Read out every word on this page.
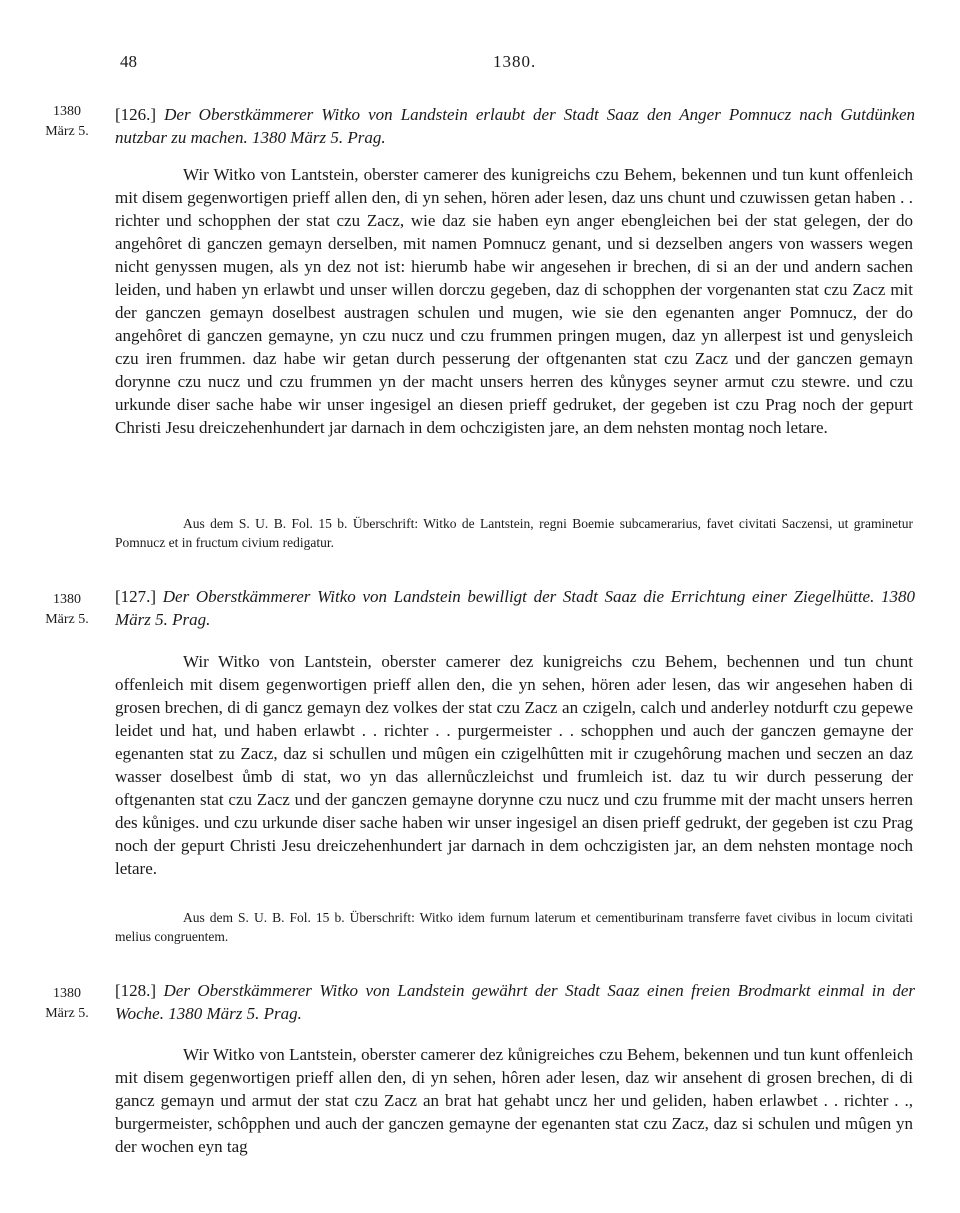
48	1380.
1380
März 5.
[126.] Der Oberstkämmerer Witko von Landstein erlaubt der Stadt Saaz den Anger Pomnucz nach Gutdünken nutzbar zu machen. 1380 März 5. Prag.

Wir Witko von Lantstein, oberster camerer des kunigreichs czu Behem, bekennen und tun kunt offenleich mit disem gegenwortigen prieff allen den, di yn sehen, hören ader lesen, daz uns chunt und czuwissen getan haben . . richter und schopphen der stat czu Zacz, wie daz sie haben eyn anger ebengleichen bei der stat gelegen, der do angehôret di ganczen gemayn derselben, mit namen Pomnucz genant, und si dezselben angers von wassers wegen nicht genyssen mugen, als yn dez not ist: hierumb habe wir angesehen ir brechen, di si an der und andern sachen leiden, und haben yn erlawbt und unser willen dorczu gegeben, daz di schopphen der vorgenanten stat czu Zacz mit der ganczen gemayn doselbest austragen schulen und mugen, wie sie den egenanten anger Pomnucz, der do angehôret di ganczen gemayne, yn czu nucz und czu frummen pringen mugen, daz yn allerpest ist und genysleich czu iren frummen. daz habe wir getan durch pesserung der oftgenanten stat czu Zacz und der ganczen gemayn dorynne czu nucz und czu frummen yn der macht unsers herren des kůnyges seyner armut czu stewre. und czu urkunde diser sache habe wir unser ingesigel an diesen prieff gedruket, der gegeben ist czu Prag noch der gepurt Christi Jesu dreiczehenhundert jar darnach in dem ochczigisten jare, an dem nehsten montag noch letare.

Aus dem S. U. B. Fol. 15 b. Überschrift: Witko de Lantstein, regni Boemie subcamerarius, favet civitati Saczensi, ut graminetur Pomnucz et in fructum civium redigatur.

1380
März 5.
[127.] Der Oberstkämmerer Witko von Landstein bewilligt der Stadt Saaz die Errichtung einer Ziegelhütte. 1380 März 5. Prag.

Wir Witko von Lantstein, oberster camerer dez kunigreichs czu Behem, bechennen und tun chunt offenleich mit disem gegenwortigen prieff allen den, die yn sehen, hören ader lesen, das wir angesehen haben di grosen brechen, di di gancz gemayn dez volkes der stat czu Zacz an czigeln, calch und anderley notdurft czu gepewe leidet und hat, und haben erlawbt . . richter . . purgermeister . . schopphen und auch der ganczen gemayne der egenanten stat zu Zacz, daz si schullen und mûgen ein czigelhûtten mit ir czugehôrung machen und seczen an daz wasser doselbest ůmb di stat, wo yn das allernůczleichst und frumleich ist. daz tu wir durch pesserung der oftgenanten stat czu Zacz und der ganczen gemayne dorynne czu nucz und czu frumme mit der macht unsers herren des kůniges. und czu urkunde diser sache haben wir unser ingesigel an disen prieff gedrukt, der gegeben ist czu Prag noch der gepurt Christi Jesu dreiczehenhundert jar darnach in dem ochczigisten jar, an dem nehsten montage noch letare.

Aus dem S. U. B. Fol. 15 b. Überschrift: Witko idem furnum laterum et cementiburinam transferre favet civibus in locum civitati melius congruentem.

1380
März 5.
[128.] Der Oberstkämmerer Witko von Landstein gewährt der Stadt Saaz einen freien Brodmarkt einmal in der Woche. 1380 März 5. Prag.

Wir Witko von Lantstein, oberster camerer dez kůnigreiches czu Behem, bekennen und tun kunt offenleich mit disem gegenwortigen prieff allen den, di yn sehen, hôren ader lesen, daz wir ansehent di grosen brechen, di di gancz gemayn und armut der stat czu Zacz an brat hat gehabt uncz her und geliden, haben erlawbet . . richter . ., burgermeister, schôpphen und auch der ganczen gemayne der egenanten stat czu Zacz, daz si schulen und mûgen yn der wochen eyn tag
